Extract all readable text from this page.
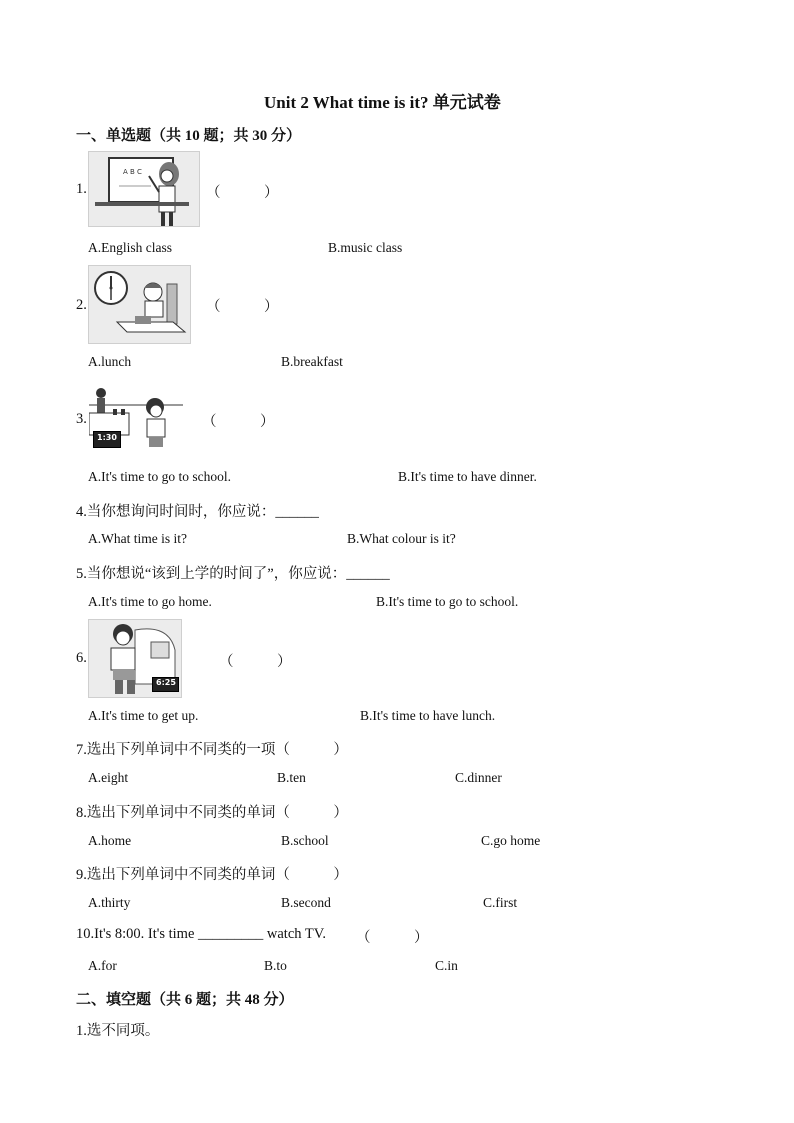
Unit 2 What time is it? 单元试卷
一、单选题（共 10 题；共 30 分）
1.
A B C
（　　　）
A.English class	B.music class
2.	（　　　）
A.lunch	B.breakfast
3.
1:30
（　　　）
A.It's time to go to school.	B.It's time to have dinner.
4.当你想询问时间时，你应说：______
A.What time is it?	B.What colour is it?
5.当你想说“该到上学的时间了”，你应说：______
A.It's time to go home.	B.It's time to go to school.
6.
6:25
（　　　）
A.It's time to get up.	B.It's time to have lunch.
7.选出下列单词中不同类的一项（　　　）
A.eight	B.ten	C.dinner
8.选出下列单词中不同类的单词（　　　）
A.home	B.school	C.go home
9.选出下列单词中不同类的单词（　　　）
A.thirty	B.second	C.first
10.It's 8:00. It's time _________ watch TV. （　　　）
A.for	B.to	C.in
二、填空题（共 6 题；共 48 分）
1.选不同项。
